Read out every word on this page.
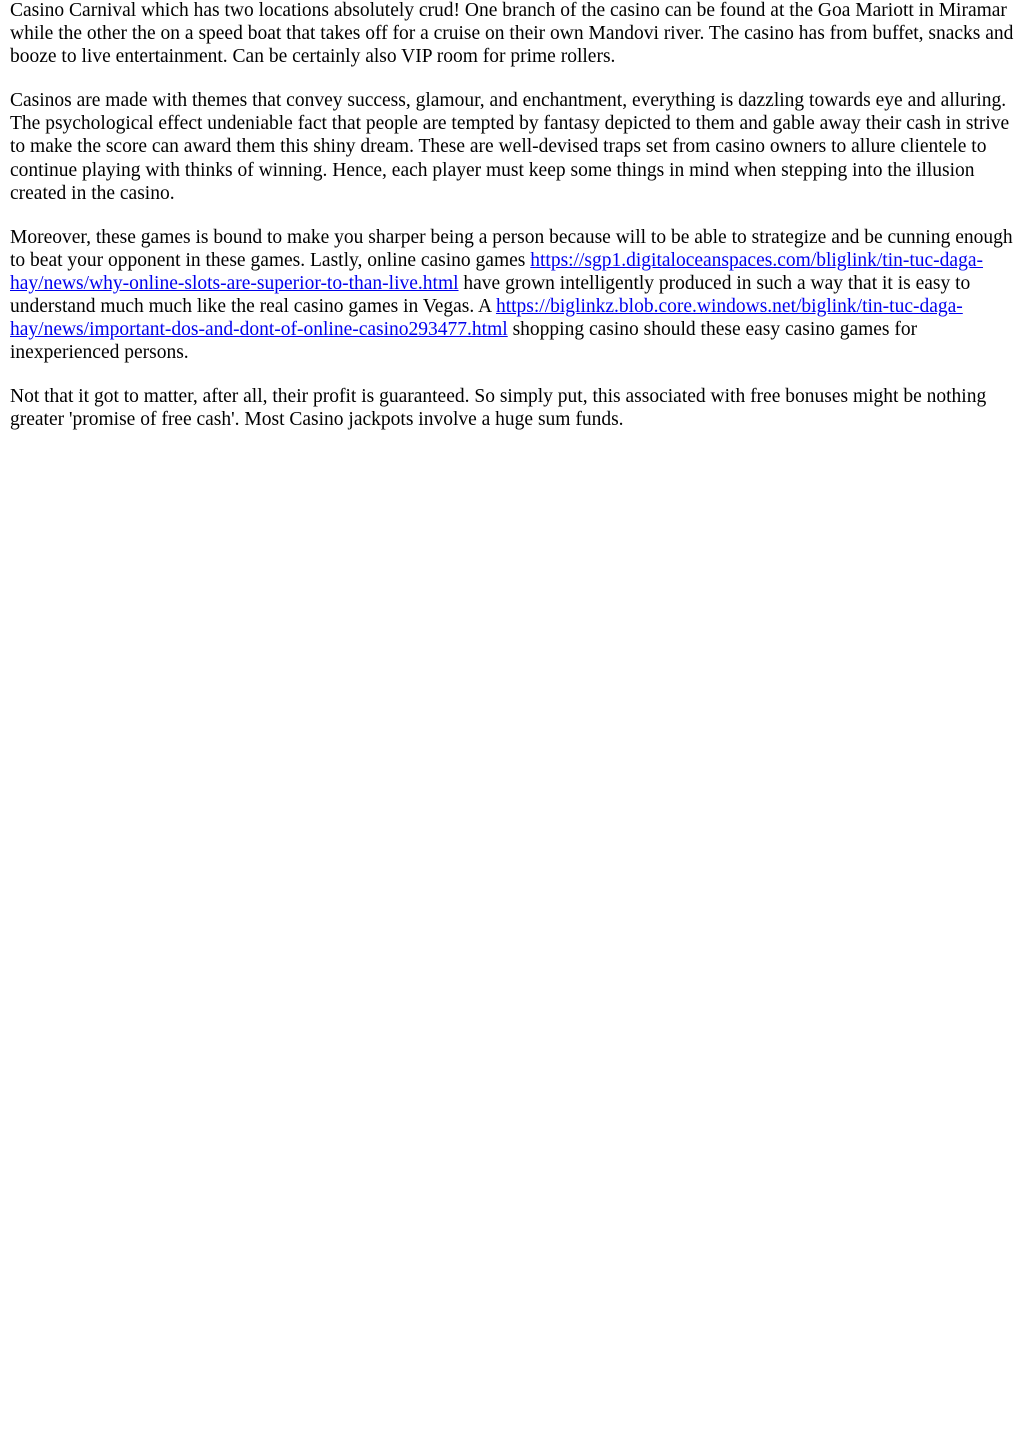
Casino Carnival which has two locations absolutely crud! One branch of the casino can be found at the Goa Mariott in Miramar while the other the on a speed boat that takes off for a cruise on their own Mandovi river. The casino has from buffet, snacks and booze to live entertainment. Can be certainly also VIP room for prime rollers.

Casinos are made with themes that convey success, glamour, and enchantment, everything is dazzling towards eye and alluring. The psychological effect undeniable fact that people are tempted by fantasy depicted to them and gable away their cash in strive to make the score can award them this shiny dream. These are well-devised traps set from casino owners to allure clientele to continue playing with thinks of winning. Hence, each player must keep some things in mind when stepping into the illusion created in the casino.

Moreover, these games is bound to make you sharper being a person because will to be able to strategize and be cunning enough to beat your opponent in these games. Lastly, online casino games https://sgp1.digitaloceanspaces.com/bliglink/tin-tuc-daga-hay/news/why-online-slots-are-superior-to-than-live.html have grown intelligently produced in such a way that it is easy to understand much much like the real casino games in Vegas. A https://biglinkz.blob.core.windows.net/biglink/tin-tuc-daga-hay/news/important-dos-and-dont-of-online-casino293477.html shopping casino should these easy casino games for inexperienced persons.

Not that it got to matter, after all, their profit is guaranteed. So simply put, this associated with free bonuses might be nothing greater 'promise of free cash'. Most Casino jackpots involve a huge sum funds.
